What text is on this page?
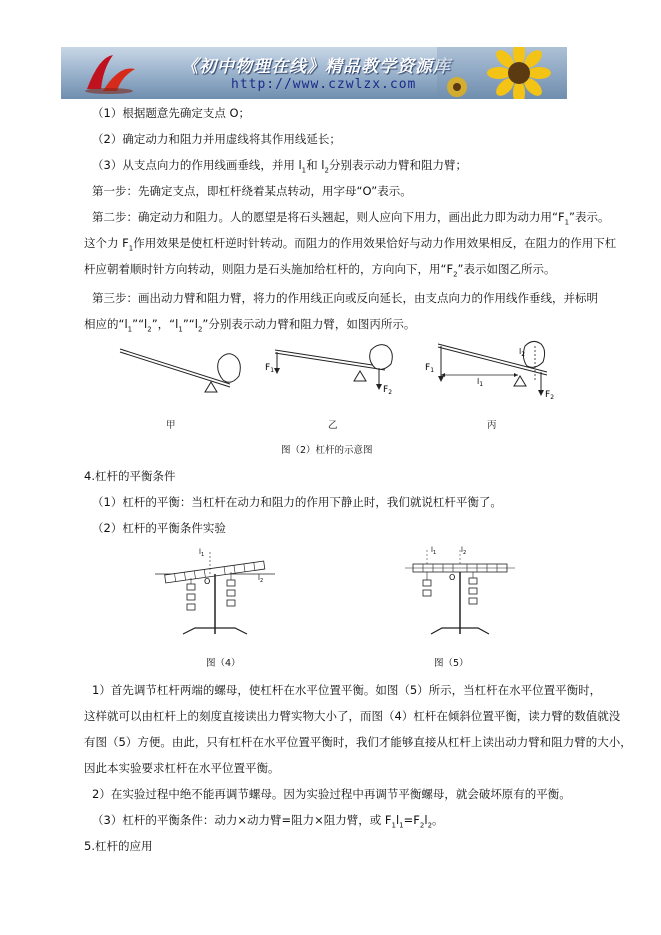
《初中物理在线》精品教学资源库
http://www.czwlzx.com
（1）根据题意先确定支点 O；
（2）确定动力和阻力并用虚线将其作用线延长；
（3）从支点向力的作用线画垂线，并用 $l_1$和 $l_2$分别表示动力臂和阻力臂；
第一步：先确定支点，即杠杆绕着某点转动，用字母“O”表示。
第二步：确定动力和阻力。人的愿望是将石头翘起，则人应向下用力，画出此力即为动力用“$F_1$”表示。
这个力 $F_1$作用效果是使杠杆逆时针转动。而阻力的作用效果恰好与动力作用效果相反，在阻力的作用下杠
杆应朝着顺时针方向转动，则阻力是石头施加给杠杆的，方向向下，用“$F_2$”表示如图乙所示。
第三步：画出动力臂和阻力臂，将力的作用线正向或反向延长，由支点向力的作用线作垂线，并标明
相应的“$l_1”“l_2$”，“$l_1”“l_2$”分别表示动力臂和阻力臂，如图丙所示。
$F_1$
$F_2$
$F_1$
$F_2$
$l_1$
$l_2$
甲	乙	丙
图（2）杠杆的示意图
4.杠杆的平衡条件
（1）杠杆的平衡：当杠杆在动力和阻力的作用下静止时，我们就说杠杆平衡了。
（2）杠杆的平衡条件实验
O
$l_1$
$l_2$	O
$l_1$	$l_2$
图（4）	图（5）
1）首先调节杠杆两端的螺母，使杠杆在水平位置平衡。如图（5）所示，当杠杆在水平位置平衡时，
这样就可以由杠杆上的刻度直接读出力臂实物大小了，而图（4）杠杆在倾斜位置平衡，读力臂的数值就没
有图（5）方便。由此，只有杠杆在水平位置平衡时，我们才能够直接从杠杆上读出动力臂和阻力臂的大小，
因此本实验要求杠杆在水平位置平衡。
2）在实验过程中绝不能再调节螺母。因为实验过程中再调节平衡螺母，就会破坏原有的平衡。
（3）杠杆的平衡条件：动力×动力臂=阻力×阻力臂，或 $F_1l_1=F_2l_2$。
5.杠杆的应用
